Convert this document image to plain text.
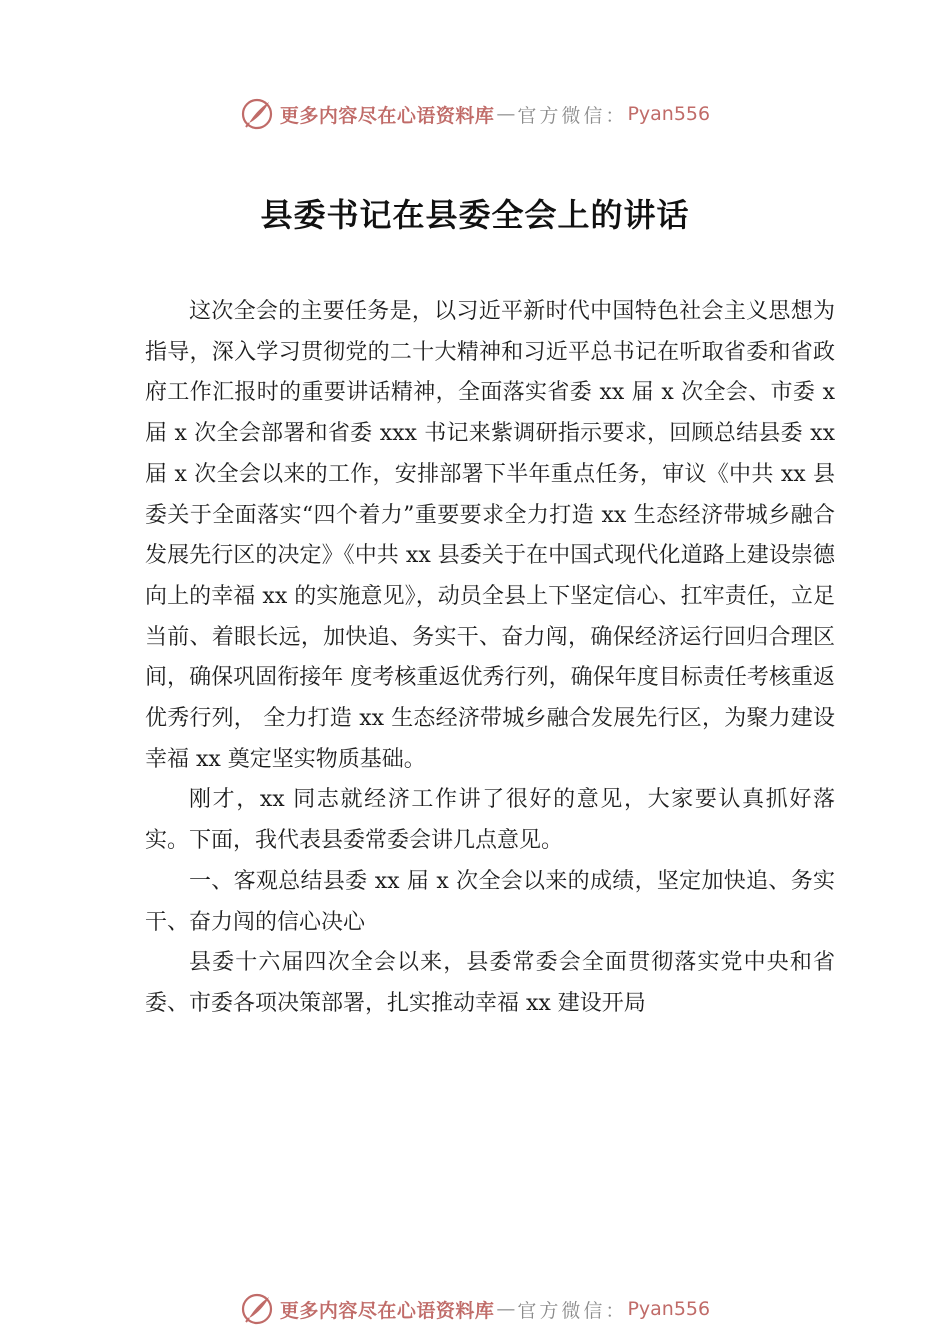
更多内容尽在心语资料库 — 官方微信： Pyan556
县委书记在县委全会上的讲话

这次全会的主要任务是，以习近平新时代中国特色社会主义思想为指导，深入学习贯彻党的二十大精神和习近平总书记在听取省委和省政府工作汇报时的重要讲话精神，全面落实省委 xx 届 x 次全会、市委 x 届 x 次全会部署和省委 xxx 书记来紫调研指示要求，回顾总结县委 xx 届 x 次全会以来的工作，安排部署下半年重点任务，审议《中共 xx 县委关于全面落实“四个着力”重要要求全力打造 xx 生态经济带城乡融合发展先行区的决定》《中共 xx 县委关于在中国式现代化道路上建设崇德向上的幸福 xx 的实施意见》，动员全县上下坚定信心、扛牢责任，立足当前、着眼长远，加快追、务实干、奋力闯，确保经济运行回归合理区间，确保巩固衔接年 度考核重返优秀行列，确保年度目标责任考核重返优秀行列， 全力打造 xx 生态经济带城乡融合发展先行区，为聚力建设幸福 xx 奠定坚实物质基础。

刚才，xx 同志就经济工作讲了很好的意见，大家要认真抓好落实。下面，我代表县委常委会讲几点意见。

一、客观总结县委 xx 届 x 次全会以来的成绩，坚定加快追、务实干、奋力闯的信心决心

县委十六届四次全会以来，县委常委会全面贯彻落实党中央和省委、市委各项决策部署，扎实推动幸福 xx 建设开局

更多内容尽在心语资料库 — 官方微信： Pyan556
